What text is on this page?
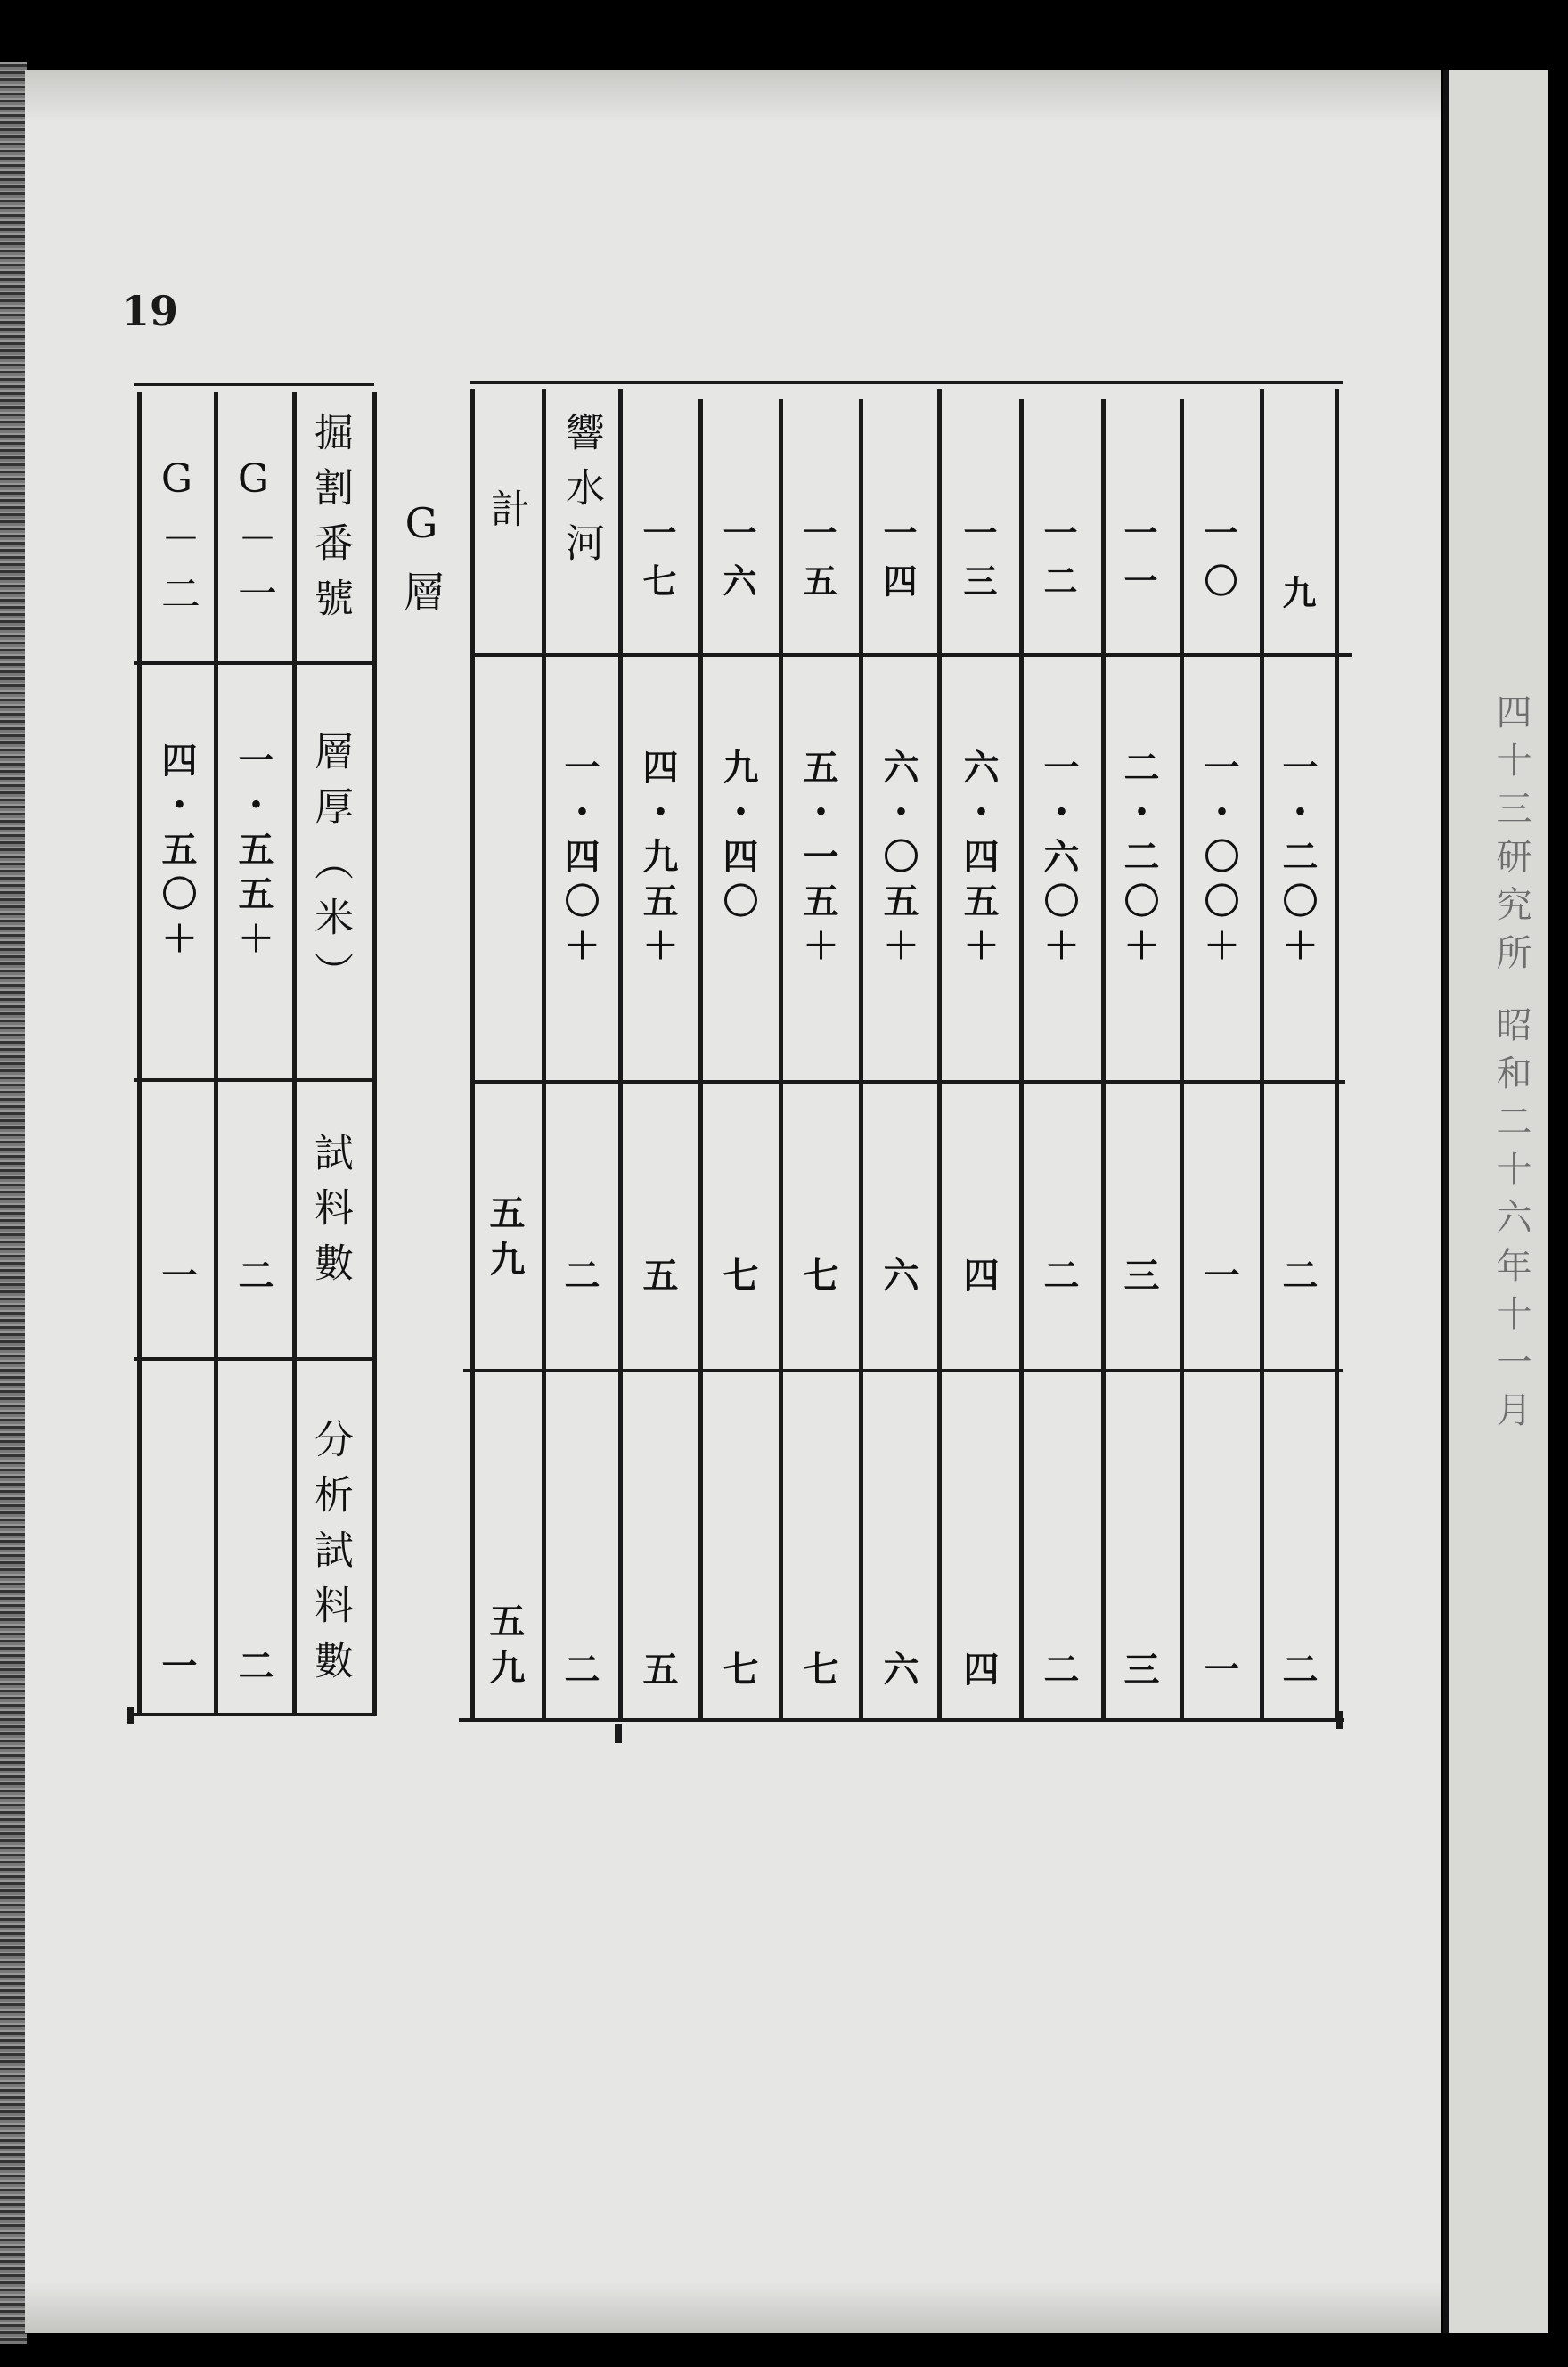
四十三研究所 昭和二十六年十一月
19
掘割番號
層厚（米）
試料數
分析試料數
G－一
一・五五＋
二
二
G－二
四・五〇＋
一
一
G層	九
一・二〇＋
二
二
一〇
一・〇〇＋
一
一
一一
二・二〇＋
三
三
一二
一・六〇＋
二
二
一三
六・四五＋
四
四
一四
六・〇五＋
六
六
一五
五・一五＋
七
七
一六
九・四〇
七
七
一七
四・九五＋
五
五
響水河
一・四〇＋
二
二
計
五九
五九
